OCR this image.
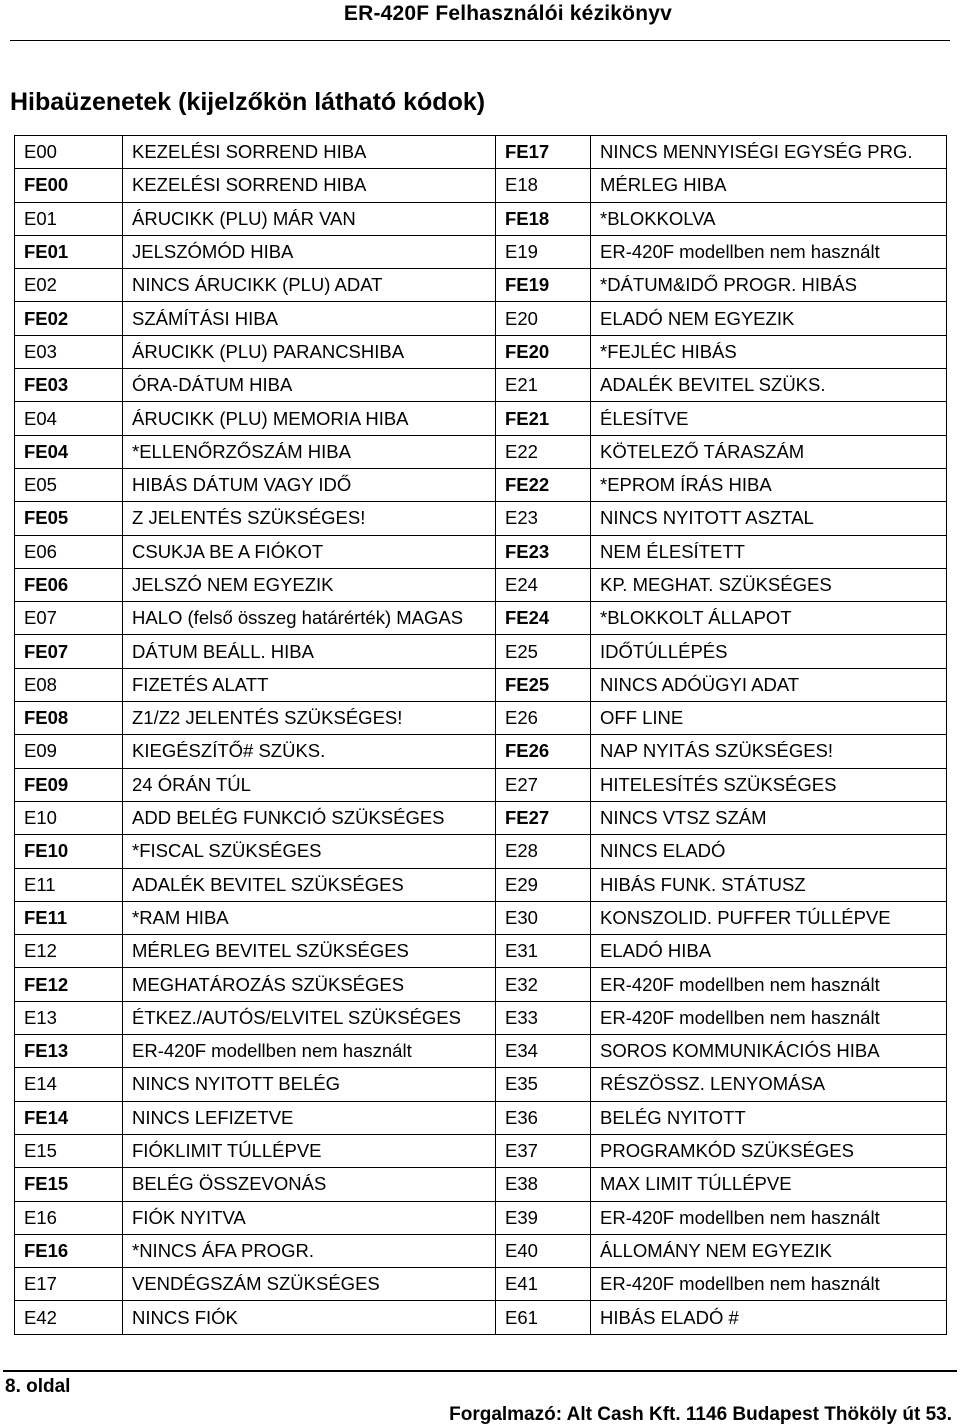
ER-420F Felhasználói kézikönyv
Hibaüzenetek (kijelzőkön látható kódok)
E00	KEZELÉSI SORREND HIBA	FE17	NINCS MENNYISÉGI EGYSÉG PRG.
FE00	KEZELÉSI SORREND HIBA	E18	MÉRLEG HIBA
E01	ÁRUCIKK (PLU) MÁR VAN	FE18	*BLOKKOLVA
FE01	JELSZÓMÓD HIBA	E19	ER-420F modellben nem használt
E02	NINCS ÁRUCIKK (PLU) ADAT	FE19	*DÁTUM&IDŐ PROGR. HIBÁS
FE02	SZÁMÍTÁSI HIBA	E20	ELADÓ NEM EGYEZIK
E03	ÁRUCIKK (PLU) PARANCSHIBA	FE20	*FEJLÉC HIBÁS
FE03	ÓRA-DÁTUM HIBA	E21	ADALÉK BEVITEL SZÜKS.
E04	ÁRUCIKK (PLU) MEMORIA HIBA	FE21	ÉLESÍTVE
FE04	*ELLENŐRZŐSZÁM HIBA	E22	KÖTELEZŐ TÁRASZÁM
E05	HIBÁS DÁTUM VAGY IDŐ	FE22	*EPROM ÍRÁS HIBA
FE05	Z JELENTÉS SZÜKSÉGES!	E23	NINCS NYITOTT ASZTAL
E06	CSUKJA BE A FIÓKOT	FE23	NEM ÉLESÍTETT
FE06	JELSZÓ NEM EGYEZIK	E24	KP. MEGHAT. SZÜKSÉGES
E07	HALO (felső összeg határérték) MAGAS	FE24	*BLOKKOLT ÁLLAPOT
FE07	DÁTUM BEÁLL. HIBA	E25	IDŐTÚLLÉPÉS
E08	FIZETÉS ALATT	FE25	NINCS ADÓÜGYI ADAT
FE08	Z1/Z2 JELENTÉS SZÜKSÉGES!	E26	OFF LINE
E09	KIEGÉSZÍTŐ# SZÜKS.	FE26	NAP NYITÁS SZÜKSÉGES!
FE09	24 ÓRÁN TÚL	E27	HITELESÍTÉS SZÜKSÉGES
E10	ADD BELÉG FUNKCIÓ SZÜKSÉGES	FE27	NINCS VTSZ SZÁM
FE10	*FISCAL SZÜKSÉGES	E28	NINCS ELADÓ
E11	ADALÉK BEVITEL SZÜKSÉGES	E29	HIBÁS FUNK. STÁTUSZ
FE11	*RAM HIBA	E30	KONSZOLID. PUFFER TÚLLÉPVE
E12	MÉRLEG BEVITEL SZÜKSÉGES	E31	ELADÓ HIBA
FE12	MEGHATÁROZÁS SZÜKSÉGES	E32	ER-420F modellben nem használt
E13	ÉTKEZ./AUTÓS/ELVITEL SZÜKSÉGES	E33	ER-420F modellben nem használt
FE13	ER-420F modellben nem használt	E34	SOROS KOMMUNIKÁCIÓS HIBA
E14	NINCS NYITOTT BELÉG	E35	RÉSZÖSSZ. LENYOMÁSA
FE14	NINCS LEFIZETVE	E36	BELÉG NYITOTT
E15	FIÓKLIMIT TÚLLÉPVE	E37	PROGRAMKÓD SZÜKSÉGES
FE15	BELÉG ÖSSZEVONÁS	E38	MAX LIMIT TÚLLÉPVE
E16	FIÓK NYITVA	E39	ER-420F modellben nem használt
FE16	*NINCS ÁFA PROGR.	E40	ÁLLOMÁNY NEM EGYEZIK
E17	VENDÉGSZÁM SZÜKSÉGES	E41	ER-420F modellben nem használt
E42	NINCS FIÓK	E61	HIBÁS ELADÓ #
8. oldal
Forgalmazó: Alt Cash Kft. 1146 Budapest Thököly út 53.
